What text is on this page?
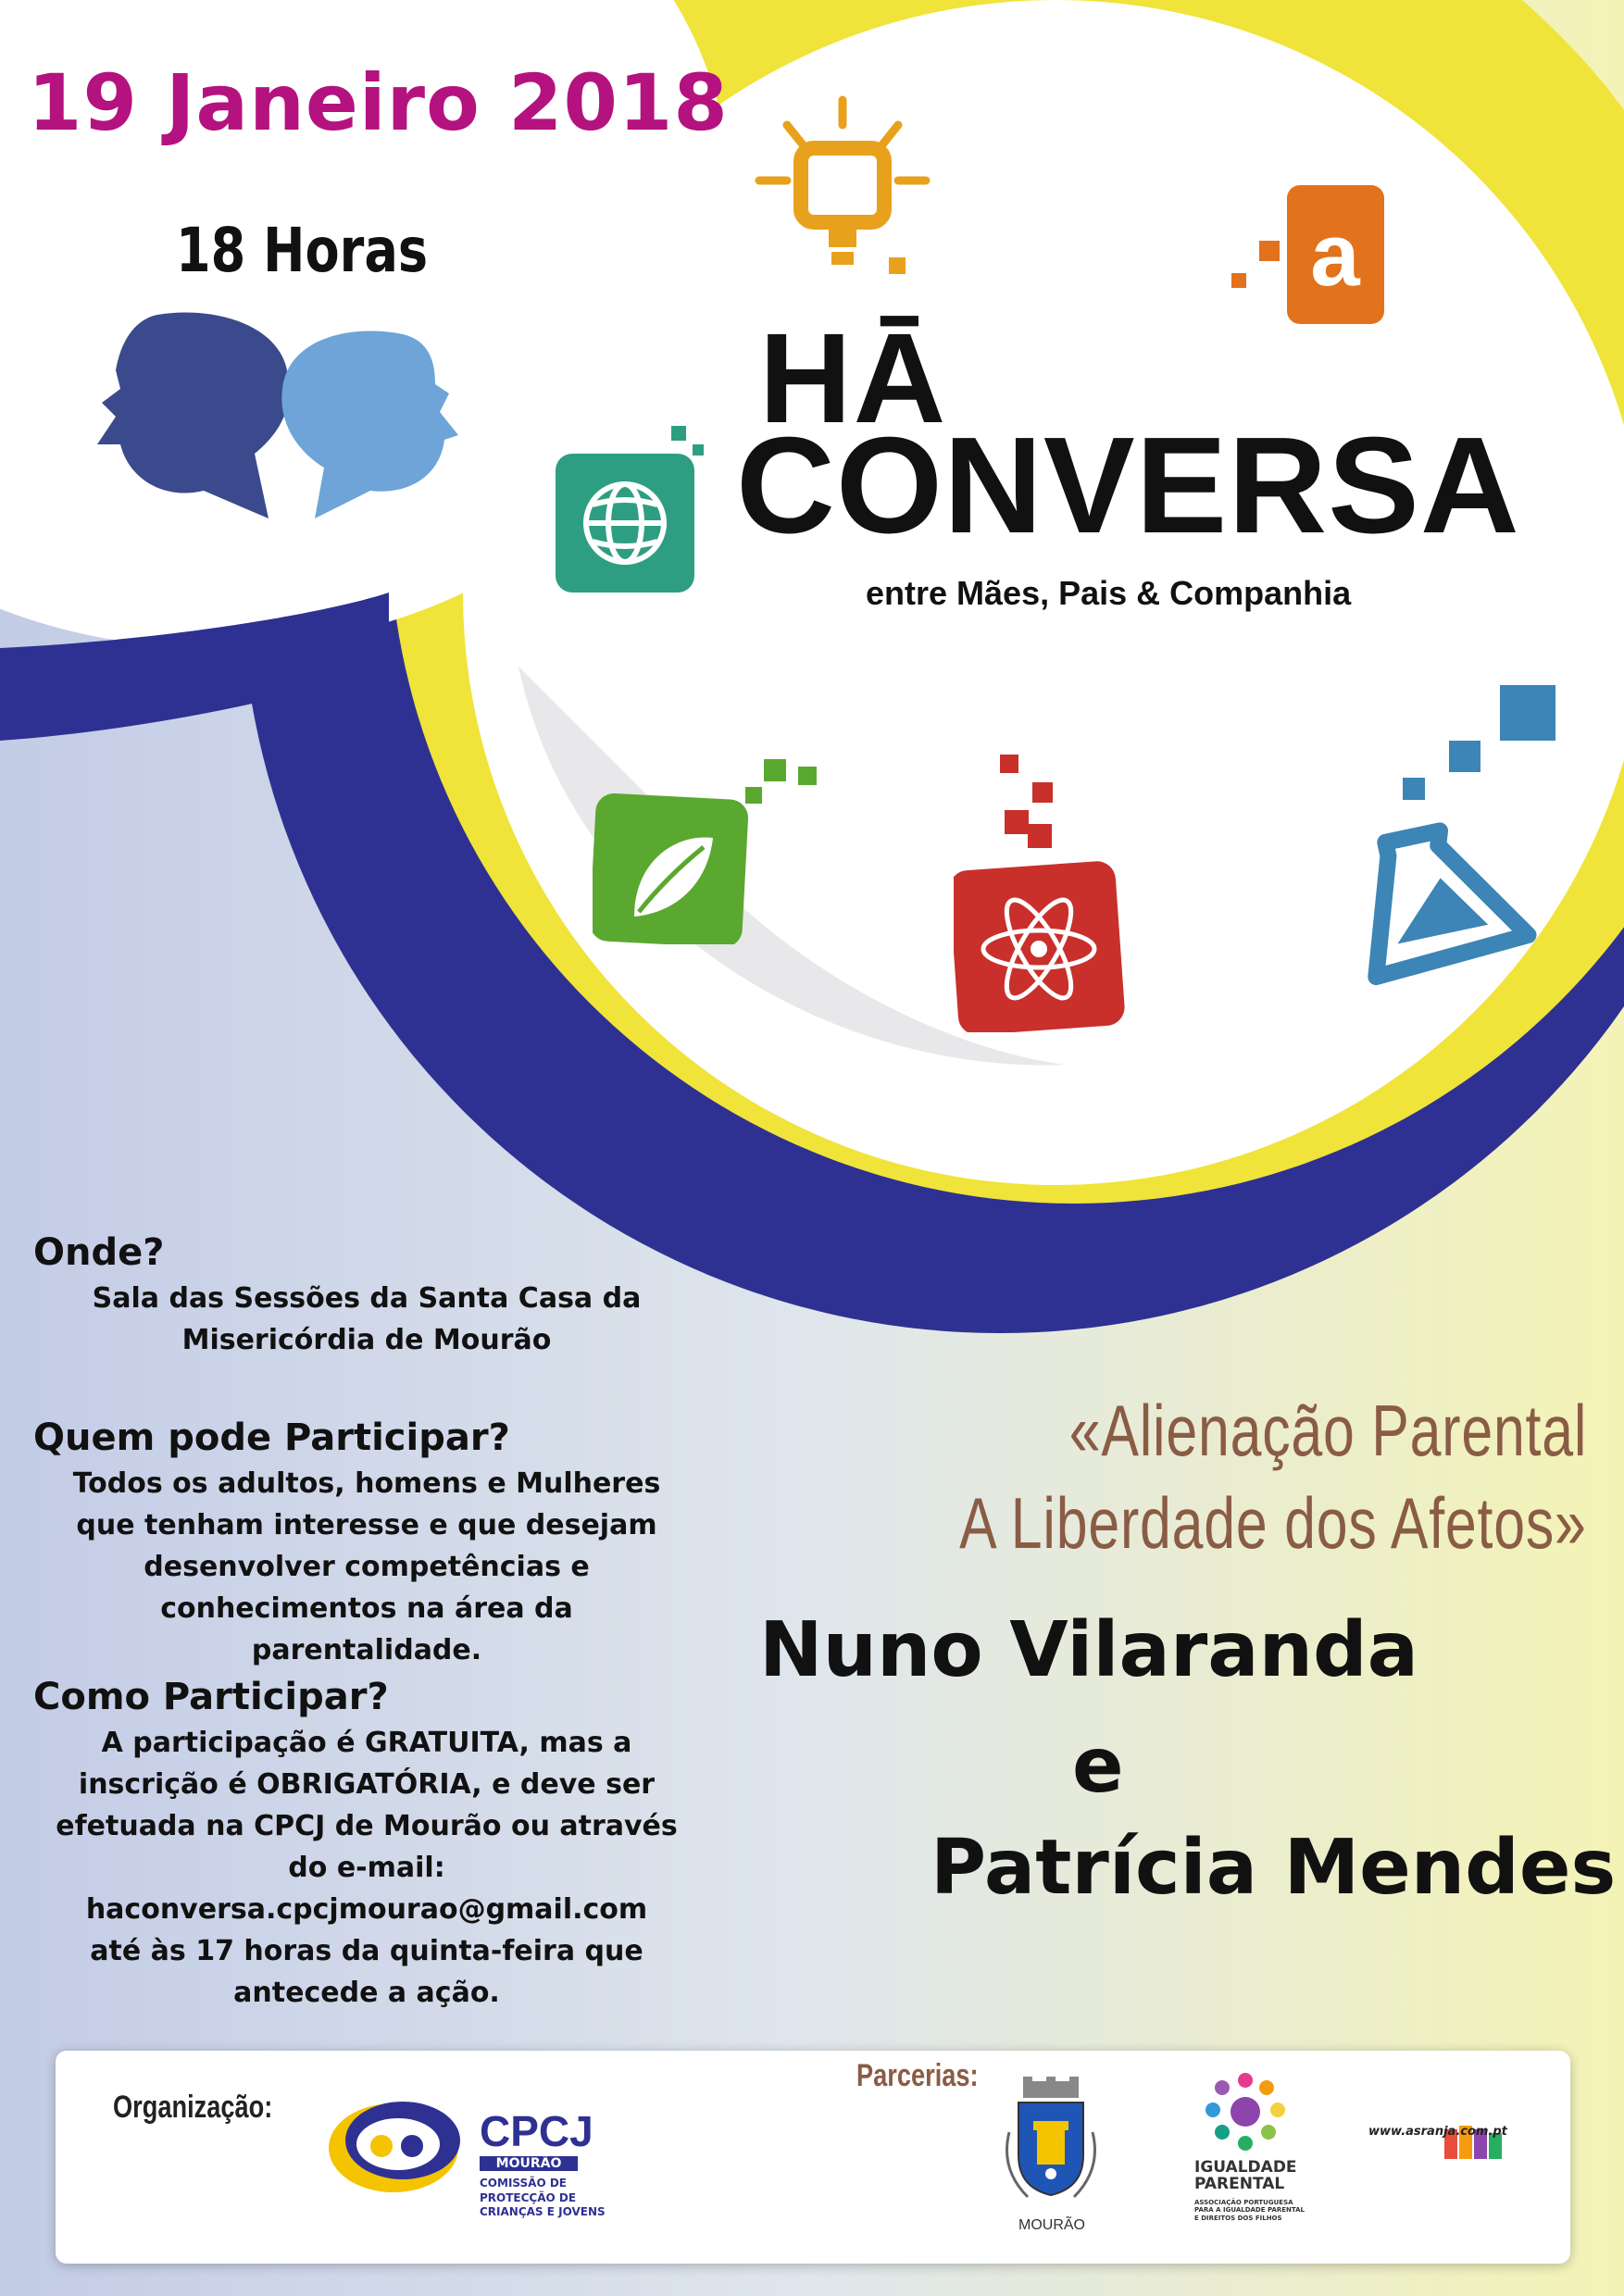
a
19 Janeiro 2018
18 Horas
HĀ
CONVERSA
entre Mães, Pais & Companhia
Onde?

Sala das Sessões da Santa Casa da Misericórdia de Mourão

Quem pode Participar?

Todos os adultos, homens e Mulheres que tenham interesse e que desejam desenvolver competências e conhecimentos na área da parentalidade.

Como Participar?

A participação é GRATUITA, mas a inscrição é OBRIGATÓRIA, e deve ser efetuada na CPCJ de Mourão ou através do e-mail:

haconversa.cpcjmourao@gmail.com

até às 17 horas da quinta-feira que antecede a ação.

«Alienação Parental
A Liberdade dos Afetos»
Nuno Vilaranda
e
Patrícia Mendes
Organização:
Parcerias:
CPCJ
MOURÃO
COMISSÃO DE PROTECÇÃO DE CRIANÇAS E JOVENS
MOURÃO
IGUALDADE PARENTAL
ASSOCIAÇÃO PORTUGUESA PARA A IGUALDADE PARENTAL E DIREITOS DOS FILHOS
www.asranja.com.pt
